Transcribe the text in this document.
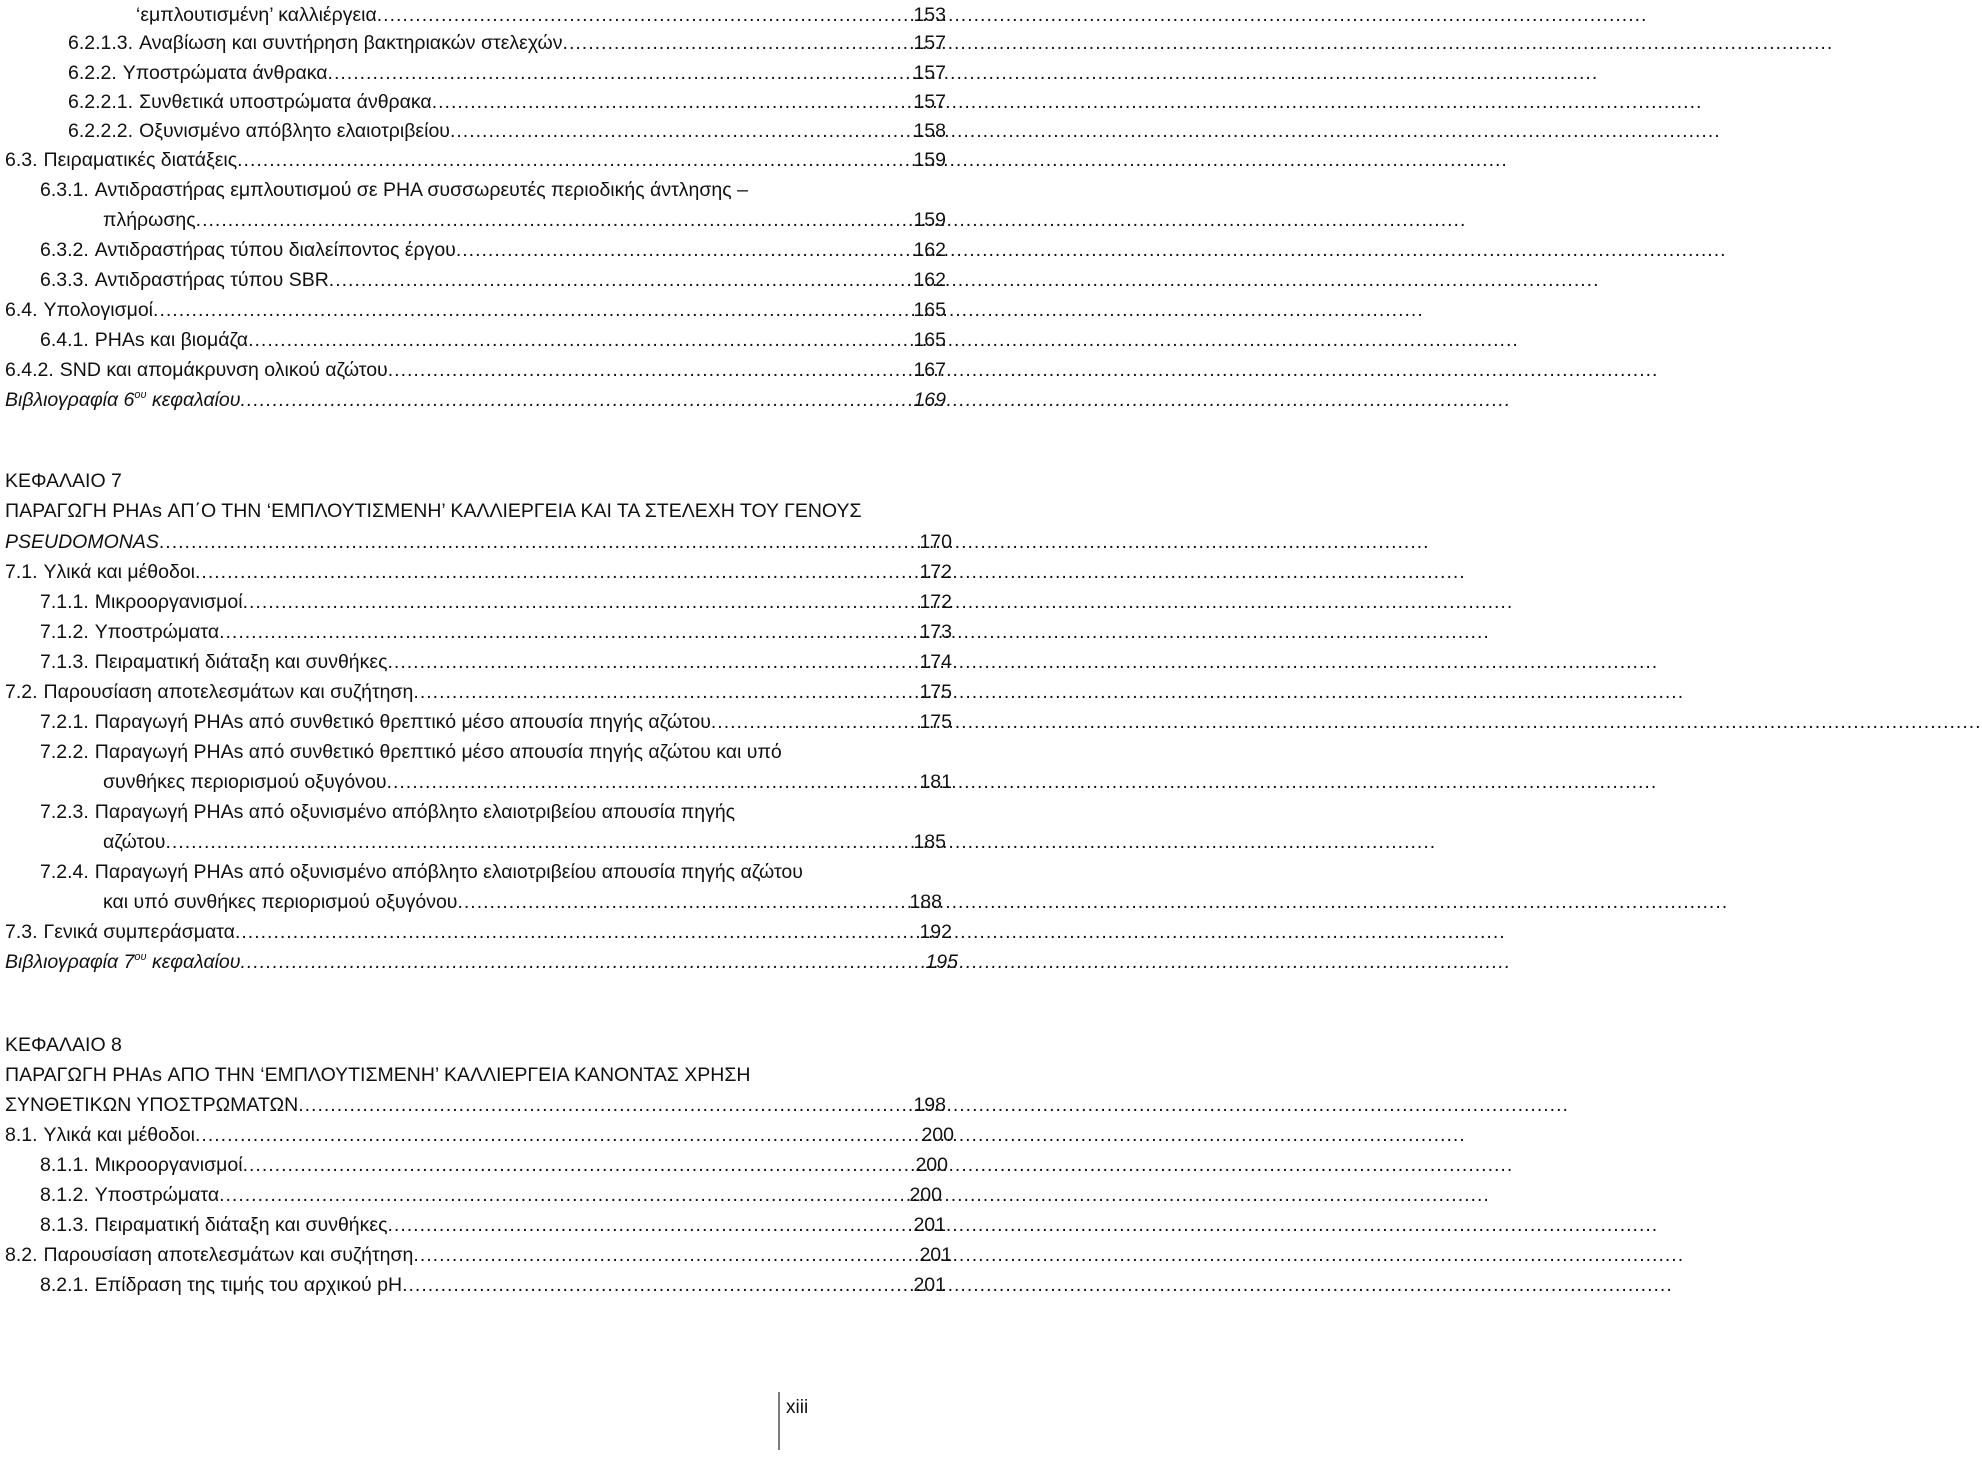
‘εμπλουτισμένη’ καλλιέργεια .....	153
6.2.1.3. Αναβίωση και συντήρηση βακτηριακών στελεχών .....	157
6.2.2. Υποστρώματα άνθρακα .....	157
6.2.2.1. Συνθετικά υποστρώματα άνθρακα .....	157
6.2.2.2. Οξυνισμένο απόβλητο ελαιοτριβείου .....	158
6.3. Πειραματικές διατάξεις .....	159
6.3.1. Αντιδραστήρας εμπλουτισμού σε PHA συσσωρευτές περιοδικής άντλησης –
πλήρωσης .....	159
6.3.2. Αντιδραστήρας τύπου διαλείποντος έργου .....	162
6.3.3. Αντιδραστήρας τύπου SBR .....	162
6.4. Υπολογισμοί .....	165
6.4.1. PHAs και βιομάζα .....	165
6.4.2. SND και απομάκρυνση ολικού αζώτου .....	167
Βιβλιογραφία $6^{o\upsilon}$ κεφαλαίου .....	169
ΚΕΦΑΛΑΙΟ 7
ΠΑΡΑΓΩΓΗ PHAs ΑΠ΄Ο ΤΗΝ ‘ΕΜΠΛΟΥΤΙΣΜΕΝΗ’ ΚΑΛΛΙΕΡΓΕΙΑ ΚΑΙ ΤΑ ΣΤΕΛΕΧΗ ΤΟΥ ΓΕΝΟΥΣ
PSEUDOMONAS .....	170
7.1. Υλικά και μέθοδοι .....	172
7.1.1. Μικροοργανισμοί .....	172
7.1.2. Υποστρώματα .....	173
7.1.3. Πειραματική διάταξη και συνθήκες .....	174
7.2. Παρουσίαση αποτελεσμάτων και συζήτηση .....	175
7.2.1. Παραγωγή PHAs από συνθετικό θρεπτικό μέσο απουσία πηγής αζώτου .....	175
7.2.2. Παραγωγή PHAs από συνθετικό θρεπτικό μέσο απουσία πηγής αζώτου και υπό
συνθήκες περιορισμού οξυγόνου .....	181
7.2.3. Παραγωγή PHAs από οξυνισμένο απόβλητο ελαιοτριβείου απουσία πηγής
αζώτου .....	185
7.2.4. Παραγωγή PHAs από οξυνισμένο απόβλητο ελαιοτριβείου απουσία πηγής αζώτου
και υπό συνθήκες περιορισμού οξυγόνου .....	188
7.3. Γενικά συμπεράσματα .....	192
Βιβλιογραφία $7^{o\upsilon}$ κεφαλαίου .....	195
ΚΕΦΑΛΑΙΟ 8
ΠΑΡΑΓΩΓΗ PHAs ΑΠΟ ΤΗΝ ‘ΕΜΠΛΟΥΤΙΣΜΕΝΗ’ ΚΑΛΛΙΕΡΓΕΙΑ ΚΑΝΟΝΤΑΣ ΧΡΗΣΗ
ΣΥΝΘΕΤΙΚΩΝ ΥΠΟΣΤΡΩΜΑΤΩΝ .....	198
8.1. Υλικά και μέθοδοι .....	200
8.1.1. Μικροοργανισμοί .....	200
8.1.2. Υποστρώματα .....	200
8.1.3. Πειραματική διάταξη και συνθήκες .....	201
8.2. Παρουσίαση αποτελεσμάτων και συζήτηση .....	201
8.2.1. Επίδραση της τιμής του αρχικού pH .....	201
xiii
